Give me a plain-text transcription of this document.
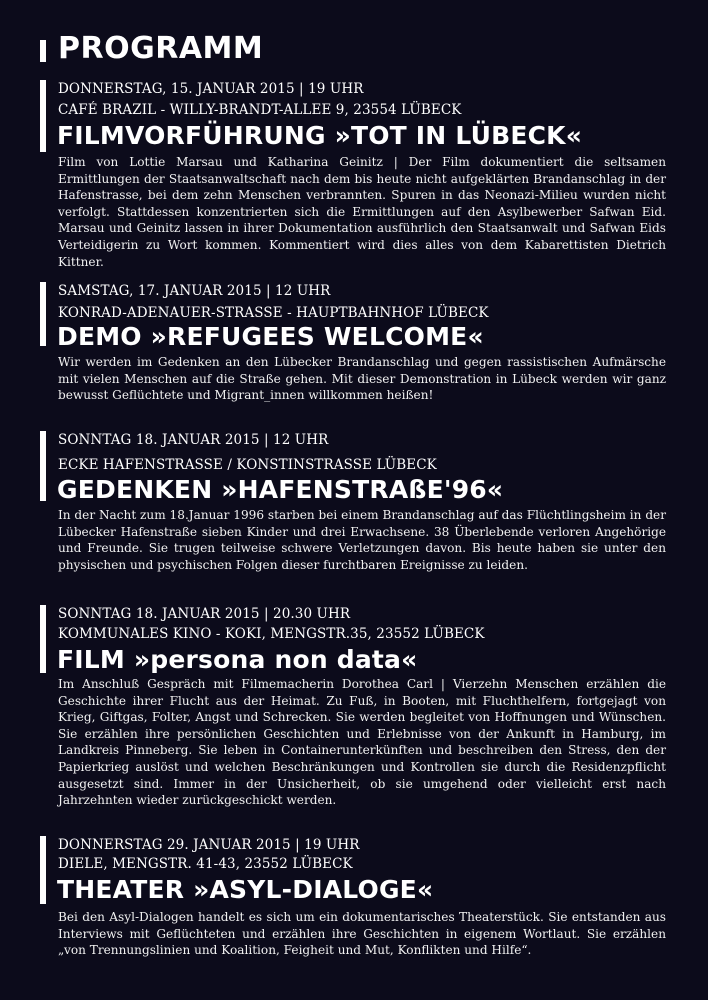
PROGRAMM
DONNERSTAG, 15. JANUAR 2015 | 19 UHR
CAFÉ BRAZIL - WILLY-BRANDT-ALLEE 9, 23554 LÜBECK
FILMVORFÜHRUNG »TOT IN LÜBECK«
Film von Lottie Marsau und Katharina Geinitz | Der Film dokumentiert die seltsamen Ermittlungen der Staatsanwaltschaft nach dem bis heute nicht aufgeklärten Brandanschlag in der Hafenstrasse, bei dem zehn Menschen verbrannten. Spuren in das Neonazi-Milieu wurden nicht verfolgt. Stattdessen konzentrierten sich die Ermittlungen auf den Asylbewerber Safwan Eid. Marsau und Geinitz lassen in ihrer Dokumentation ausführlich den Staatsanwalt und Safwan Eids Verteidigerin zu Wort kommen. Kommentiert wird dies alles von dem Kabarettisten Dietrich Kittner.
SAMSTAG, 17. JANUAR 2015 | 12 UHR
KONRAD-ADENAUER-STRASSE - HAUPTBAHNHOF LÜBECK
DEMO »REFUGEES WELCOME«
Wir werden im Gedenken an den Lübecker Brandanschlag und gegen rassistischen Aufmärsche mit vielen Menschen auf die Straße gehen. Mit dieser Demonstration in Lübeck werden wir ganz bewusst Geflüchtete und Migrant_innen willkommen heißen!
SONNTAG 18. JANUAR 2015 | 12 UHR
ECKE HAFENSTRASSE / KONSTINSTRASSE LÜBECK
GEDENKEN »HAFENSTRAßE'96«
In der Nacht zum 18.Januar 1996 starben bei einem Brandanschlag auf das Flüchtlingsheim in der Lübecker Hafenstraße sieben Kinder und drei Erwachsene. 38 Überlebende verloren Angehörige und Freunde. Sie trugen teilweise schwere Verletzungen davon. Bis heute haben sie unter den physischen und psychischen Folgen dieser furchtbaren Ereignisse zu leiden.
SONNTAG 18. JANUAR 2015 | 20.30 UHR
KOMMUNALES KINO - KOKI, MENGSTR.35, 23552 LÜBECK
FILM »persona non data«
Im Anschluß Gespräch mit Filmemacherin Dorothea Carl | Vierzehn Menschen erzählen die Geschichte ihrer Flucht aus der Heimat. Zu Fuß, in Booten, mit Fluchthelfern, fortgejagt von Krieg, Giftgas, Folter, Angst und Schrecken. Sie werden begleitet von Hoffnungen und Wünschen. Sie erzählen ihre persönlichen Geschichten und Erlebnisse von der Ankunft in Hamburg, im Landkreis Pinneberg. Sie leben in Containerunterkünften und beschreiben den Stress, den der Papierkrieg auslöst und welchen Beschränkungen und Kontrollen sie durch die Residenzpflicht ausgesetzt sind. Immer in der Unsicherheit, ob sie umgehend oder vielleicht erst nach Jahrzehnten wieder zurückgeschickt werden.
DONNERSTAG 29. JANUAR 2015 | 19 UHR
DIELE, MENGSTR. 41-43, 23552 LÜBECK
THEATER »ASYL-DIALOGE«
Bei den Asyl-Dialogen handelt es sich um ein dokumentarisches Theaterstück. Sie entstanden aus Interviews mit Geflüchteten und erzählen ihre Geschichten in eigenem Wortlaut. Sie erzählen „von Trennungslinien und Koalition, Feigheit und Mut, Konflikten und Hilfe“.
